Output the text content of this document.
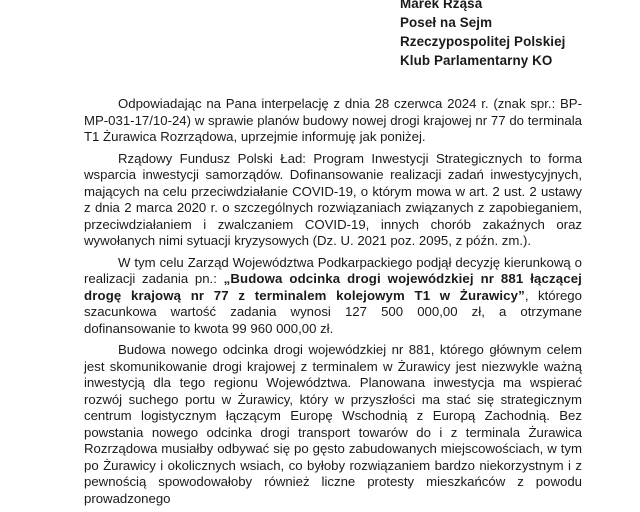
Marek Rząsa
Poseł na Sejm
Rzeczypospolitej Polskiej
Klub Parlamentarny KO

Odpowiadając na Pana interpelację z dnia 28 czerwca 2024 r. (znak spr.: BP-MP-031-17/10-24) w sprawie planów budowy nowej drogi krajowej nr 77 do terminala T1 Żurawica Rozrządowa, uprzejmie informuję jak poniżej.

Rządowy Fundusz Polski Ład: Program Inwestycji Strategicznych to forma wsparcia inwestycji samorządów. Dofinansowanie realizacji zadań inwestycyjnych, mających na celu przeciwdziałanie COVID-19, o którym mowa w art. 2 ust. 2 ustawy z dnia 2 marca 2020 r. o szczególnych rozwiązaniach związanych z zapobieganiem, przeciwdziałaniem i zwalczaniem COVID-19, innych chorób zakaźnych oraz wywołanych nimi sytuacji kryzysowych (Dz. U. 2021 poz. 2095, z późn. zm.).

W tym celu Zarząd Województwa Podkarpackiego podjął decyzję kierunkową o realizacji zadania pn.: „Budowa odcinka drogi wojewódzkiej nr 881 łączącej drogę krajową nr 77 z terminalem kolejowym T1 w Żurawicy”, którego szacunkowa wartość zadania wynosi 127 500 000,00 zł, a otrzymane dofinansowanie to kwota 99 960 000,00 zł.

Budowa nowego odcinka drogi wojewódzkiej nr 881, którego głównym celem jest skomunikowanie drogi krajowej z terminalem w Żurawicy jest niezwykle ważną inwestycją dla tego regionu Województwa. Planowana inwestycja ma wspierać rozwój suchego portu w Żurawicy, który w przyszłości ma stać się strategicznym centrum logistycznym łączącym Europę Wschodnią z Europą Zachodnią. Bez powstania nowego odcinka drogi transport towarów do i z terminala Żurawica Rozrządowa musiałby odbywać się po gęsto zabudowanych miejscowościach, w tym po Żurawicy i okolicznych wsiach, co byłoby rozwiązaniem bardzo niekorzystnym i z pewnością spowodowałoby również liczne protesty mieszkańców z powodu prowadzonego
